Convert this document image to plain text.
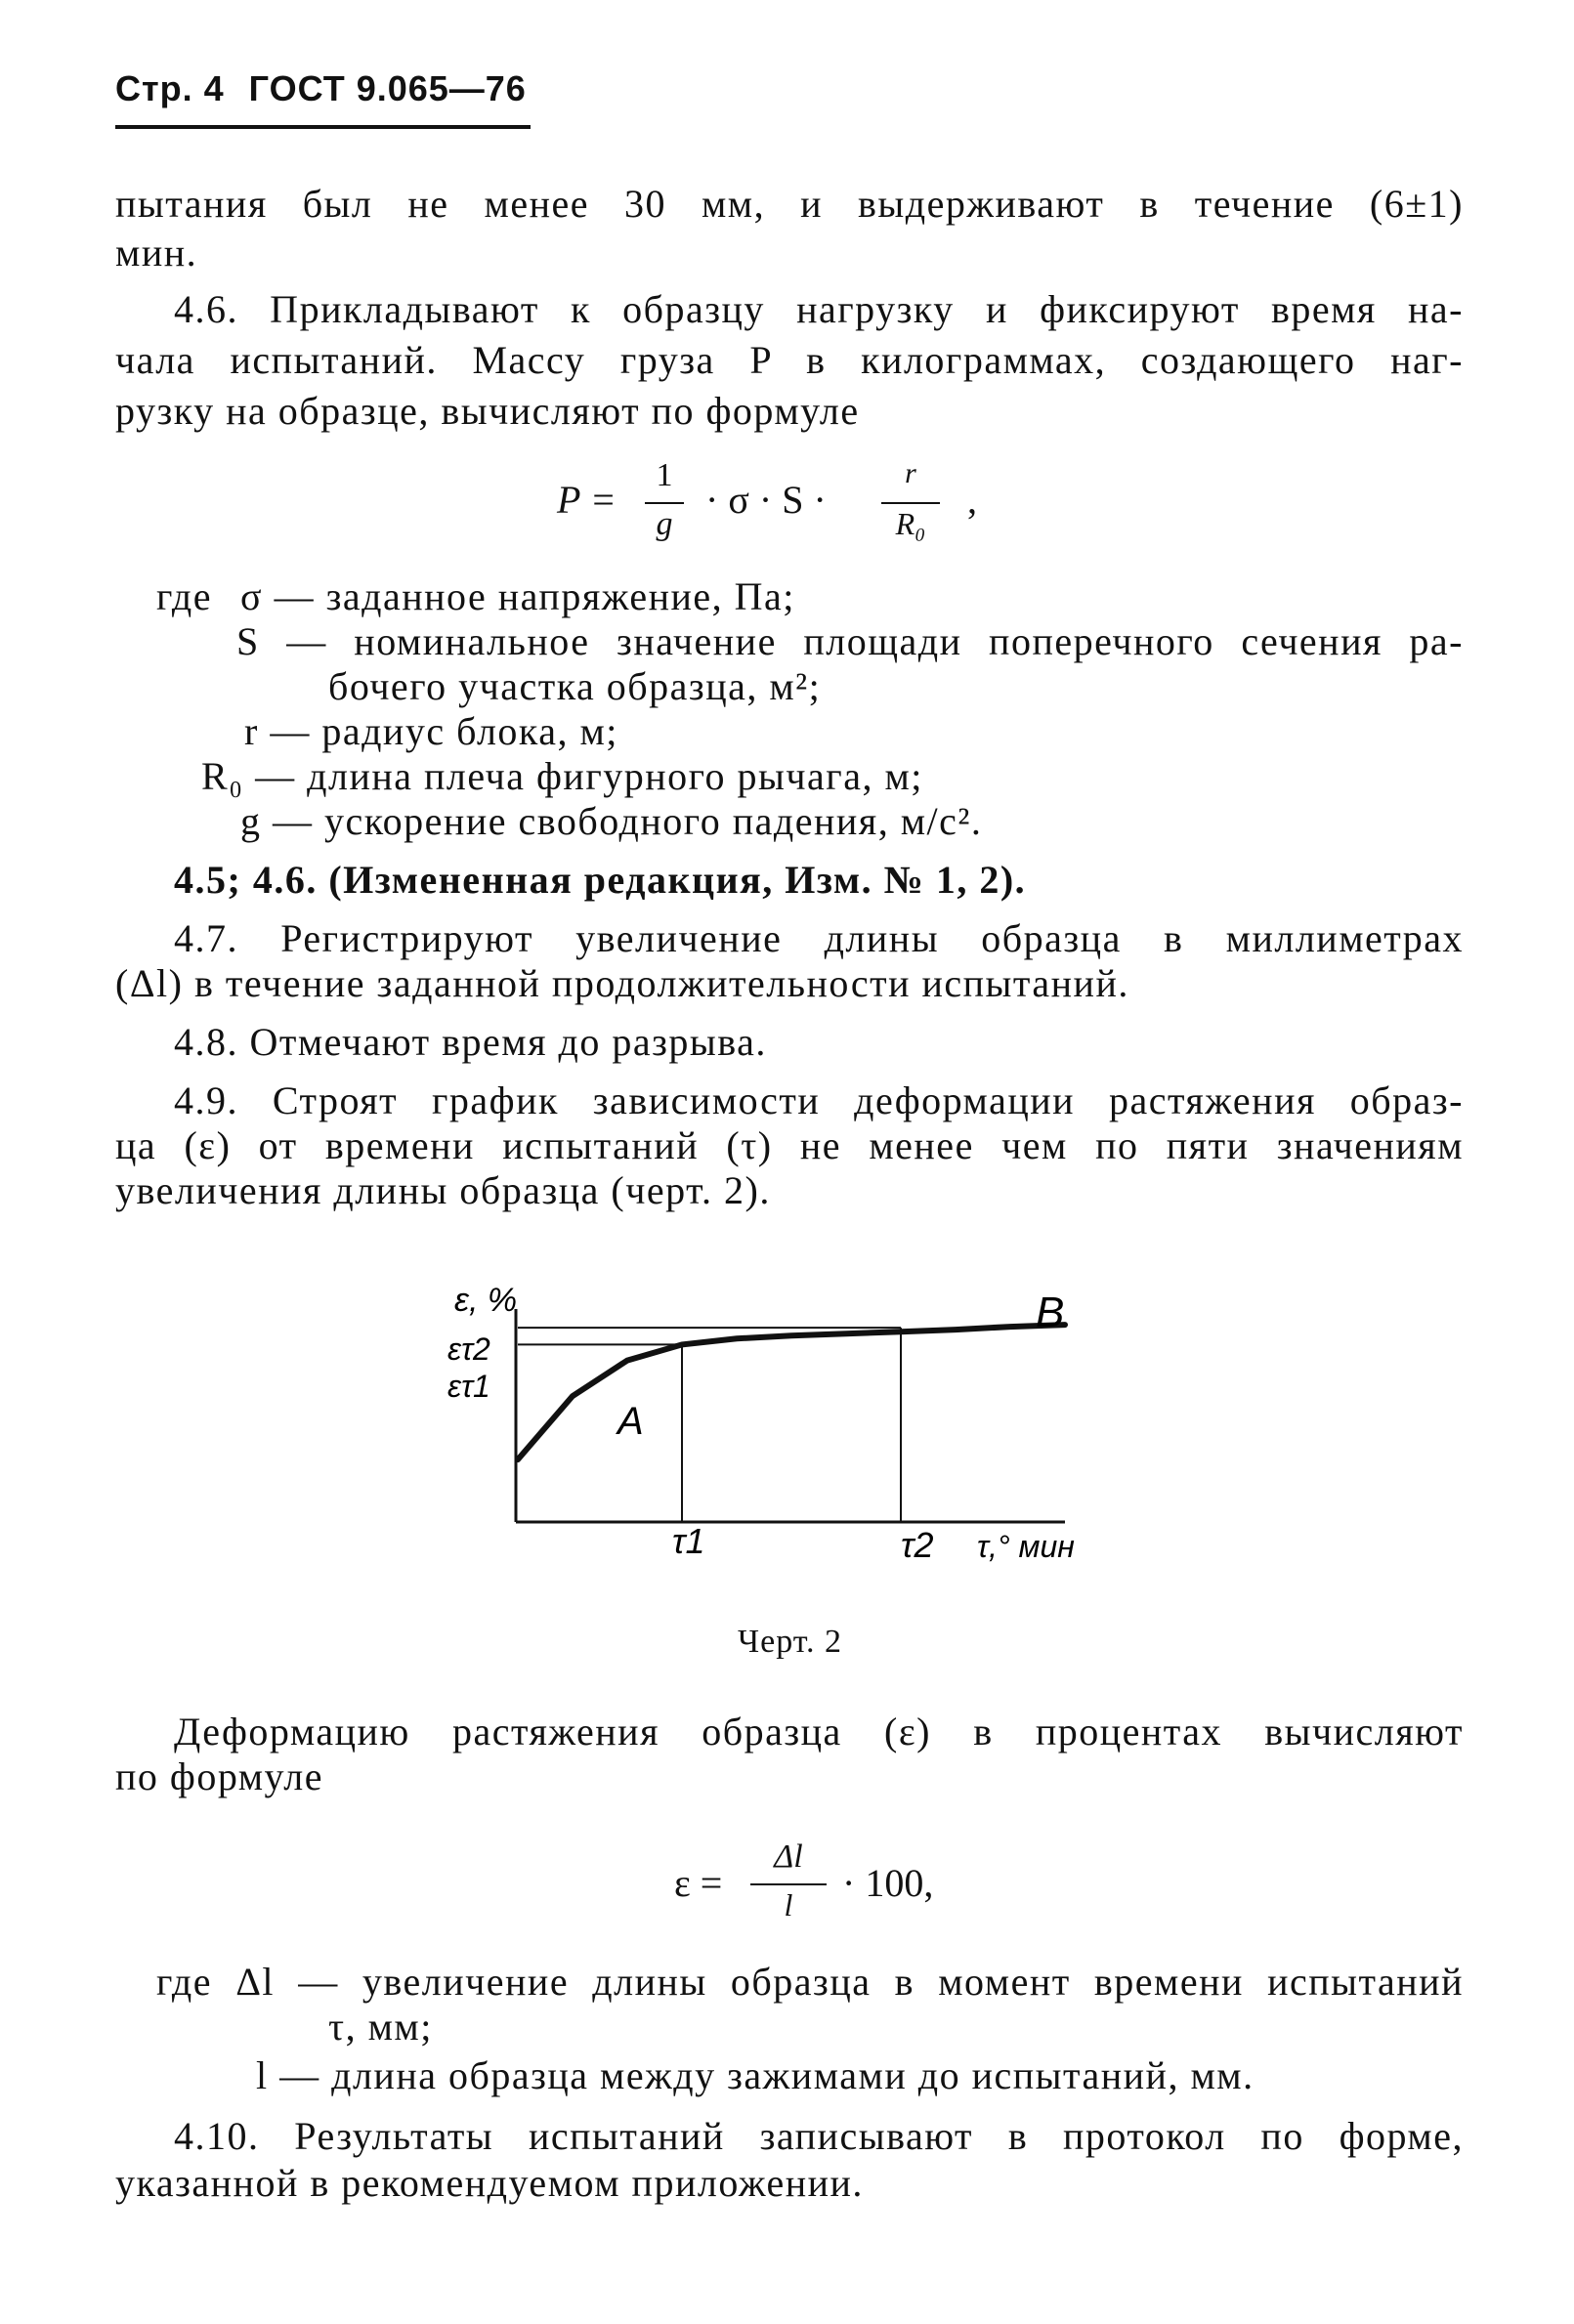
Стр. 4 ГОСТ 9.065—76
пытания был не менее 30 мм, и выдерживают в течение (6±1)
мин.
4.6. Прикладывают к образцу нагрузку и фиксируют время на-
чала испытаний. Массу груза P в килограммах, создающего наг-
рузку на образце, вычисляют по формуле
P =
1
g
· σ · S ·
r
R₀
,
где σ — заданное напряжение, Па;
S — номинальное значение площади поперечного сечения ра-
бочего участка образца, м²;
r — радиус блока, м;
R₀ — длина плеча фигурного рычага, м;
g — ускорение свободного падения, м/с².
4.5; 4.6. (Измененная редакция, Изм. № 1, 2).
4.7. Регистрируют увеличение длины образца в миллиметрах
(Δl) в течение заданной продолжительности испытаний.
4.8. Отмечают время до разрыва.
4.9. Строят график зависимости деформации растяжения образ-
ца (ε) от времени испытаний (τ) не менее чем по пяти значениям
увеличения длины образца (черт. 2).
ε, %
ετ2
ετ1
τ1	τ2 τ,° мин
A
B
Черт. 2
Деформацию растяжения образца (ε) в процентах вычисляют
по формуле
ε =
Δl
l	· 100,
где Δl — увеличение длины образца в момент времени испытаний
τ, мм;
l — длина образца между зажимами до испытаний, мм.
4.10. Результаты испытаний записывают в протокол по форме,
указанной в рекомендуемом приложении.
